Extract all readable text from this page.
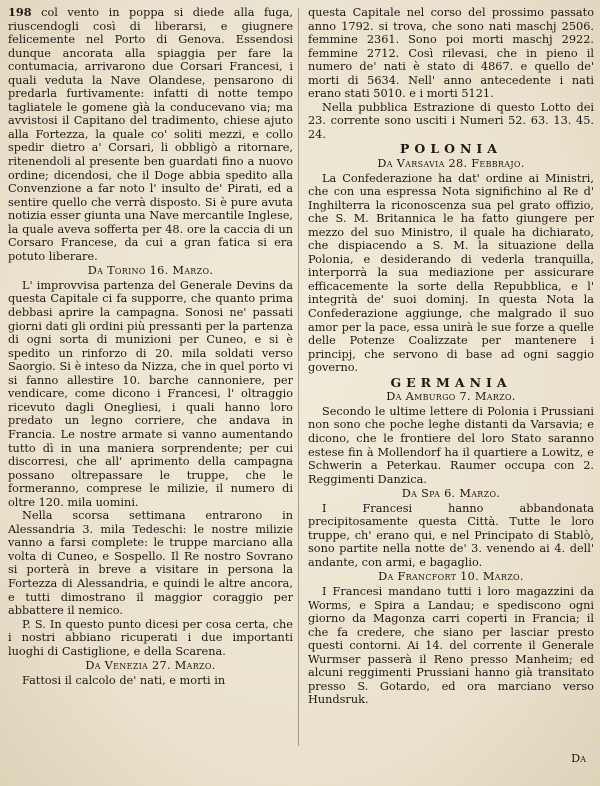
198 col vento in poppa si diede alla fuga, riuscendogli così di liberarsi, e giugnere felicemente nel Porto di Genova. Essendosi dunque ancorata alla spiaggia per fare la contumacia, arrivarono due Corsari Francesi, i quali veduta la Nave Olandese, pensarono di predarla furtivamente: infatti di notte tempo tagliatele le gomene gìà la conducevano via; ma avvistosi il Capitano del tradimento, chiese ajuto alla Fortezza, la quale co' soliti mezzi, e collo spedir dietro a' Corsari, li obbligò a ritornare, ritenendoli al presente ben guardati fino a nuovo ordine; dicendosi, che il Doge abbia spedito alla Convenzione a far noto l' insulto de' Pirati, ed a sentire quello che verrà disposto. Si è pure avuta notizia esser giunta una Nave mercantile Inglese, la quale aveva sofferta per 48. ore la caccia di un Corsaro Francese, da cui a gran fatica si era potuto liberare.

Da Torino 16. Marzo.

L' improvvisa partenza del Generale Devins da questa Capitale ci fa supporre, che quanto prima debbasi aprire la campagna. Sonosi ne' passati giorni dati gli ordini più pressanti per la partenza di ogni sorta di munizioni per Cuneo, e si è spedito un rinforzo di 20. mila soldati verso Saorgio. Si è inteso da Nizza, che in quel porto vi si fanno allestire 10. barche cannoniere, per vendicare, come dicono i Francesi, l' oltraggio ricevuto dagli Onegliesi, i quali hanno loro predato un legno corriere, che andava in Francia. Le nostre armate si vanno aumentando tutto dì in una maniera sorprendente; per cui discorresi, che all' aprimento della campagna possano oltrepassare le truppe, che le formeranno, comprese le milizie, il numero di oltre 120. mila uomini.

Nella scorsa settimana entrarono in Alessandria 3. mila Tedeschi: le nostre milizie vanno a farsi complete: le truppe marciano alla volta di Cuneo, e Sospello. Il Re nostro Sovrano si porterà in breve a visitare in persona la Fortezza di Alessandria, e quindi le altre ancora, e tutti dimostrano il maggior coraggio per abbattere il nemico.

P. S. In questo punto dicesi per cosa certa, che i nostri abbiano ricuperati i due importanti luoghi di Castiglione, e della Scarena.

Da Venezia 27. Marzo.

Fattosi il calcolo de' nati, e morti in

questa Capitale nel corso del prossimo passato anno 1792. si trova, che sono nati maschj 2506. femmine 2361. Sono poi morti maschj 2922. femmine 2712. Così rilevasi, che in pieno il numero de' nati è stato di 4867. e quello de' morti di 5634. Nell' anno antecedente i nati erano stati 5010. e i morti 5121.

Nella pubblica Estrazione di questo Lotto dei 23. corrente sono usciti i Numeri 52. 63. 13. 45. 24.

POLONIA
Da Varsavia 28. Febbrajo.

La Confederazione ha dat' ordine ai Ministri, che con una espressa Nota significhino al Re d' Inghilterra la riconoscenza sua pel grato offizio, che S. M. Britannica le ha fatto giungere per mezzo del suo Ministro, il quale ha dichiarato, che dispiacendo a S. M. la situazione della Polonia, e desiderando di vederla tranquilla, interporrà la sua mediazione per assicurare efficacemente la sorte della Repubblica, e l' integrità de' suoi dominj. In questa Nota la Confederazione aggiunge, che malgrado il suo amor per la pace, essa unirà le sue forze a quelle delle Potenze Coalizzate per mantenere i principj, che servono di base ad ogni saggio governo.

GERMANIA
Da Amburgo 7. Marzo.

Secondo le ultime lettere di Polonia i Prussiani non sono che poche leghe distanti da Varsavia; e dicono, che le frontiere del loro Stato saranno estese fin à Mollendorf ha il quartiere a Lowitz, e Schwerin a Peterkau. Raumer occupa con 2. Reggimenti Danzica.

Da Spa 6. Marzo.

I Francesi hanno abbandonata precipitosamente questa Città. Tutte le loro truppe, ch' erano qui, e nel Principato di Stablò, sono partite nella notte de' 3. venendo ai 4. dell' andante, con armi, e bagaglio.

Da Francfort 10. Marzo.

I Francesi mandano tutti i loro magazzini da Worms, e Spira a Landau; e spediscono ogni giorno da Magonza carri coperti in Francia; il che fa credere, che siano per lasciar presto questi contorni. Ai 14. del corrente il Generale Wurmser passerà il Reno presso Manheim; ed alcuni reggimenti Prussiani hanno già transitato presso S. Gotardo, ed ora marciano verso Hundsruk.

Da
